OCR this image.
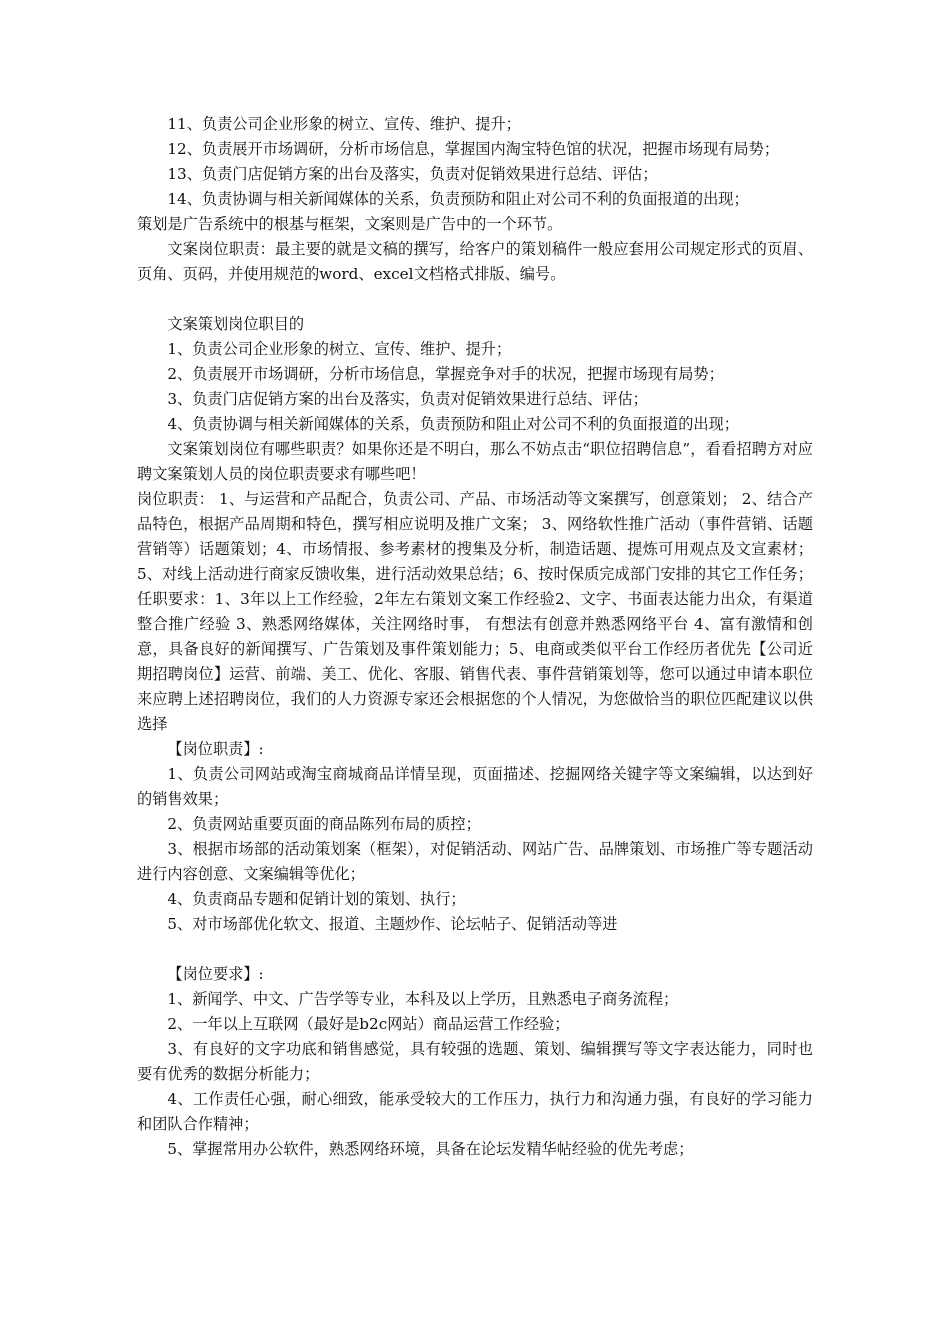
11、负责公司企业形象的树立、宣传、维护、提升；

12、负责展开市场调研，分析市场信息，掌握国内淘宝特色馆的状况，把握市场现有局势；

13、负责门店促销方案的出台及落实，负责对促销效果进行总结、评估；

14、负责协调与相关新闻媒体的关系，负责预防和阻止对公司不利的负面报道的出现；

策划是广告系统中的根基与框架，文案则是广告中的一个环节。

文案岗位职责：最主要的就是文稿的撰写，给客户的策划稿件一般应套用公司规定形式的页眉、页角、页码，并使用规范的word、excel文档格式排版、编号。

文案策划岗位职目的

1、负责公司企业形象的树立、宣传、维护、提升；

2、负责展开市场调研，分析市场信息，掌握竞争对手的状况，把握市场现有局势；

3、负责门店促销方案的出台及落实，负责对促销效果进行总结、评估；

4、负责协调与相关新闻媒体的关系，负责预防和阻止对公司不利的负面报道的出现；

文案策划岗位有哪些职责？如果你还是不明白，那么不妨点击“职位招聘信息”，看看招聘方对应聘文案策划人员的岗位职责要求有哪些吧！

岗位职责： 1、与运营和产品配合，负责公司、产品、市场活动等文案撰写，创意策划； 2、结合产品特色，根据产品周期和特色，撰写相应说明及推广文案； 3、网络软性推广活动（事件营销、话题营销等）话题策划；4、市场情报、参考素材的搜集及分析，制造话题、提炼可用观点及文宣素材；5、对线上活动进行商家反馈收集，进行活动效果总结；6、按时保质完成部门安排的其它工作任务；任职要求：1、3年以上工作经验，2年左右策划文案工作经验2、文字、书面表达能力出众，有渠道整合推广经验 3、熟悉网络媒体，关注网络时事， 有想法有创意并熟悉网络平台 4、富有激情和创意，具备良好的新闻撰写、广告策划及事件策划能力；5、电商或类似平台工作经历者优先【公司近期招聘岗位】运营、前端、美工、优化、客服、销售代表、事件营销策划等，您可以通过申请本职位来应聘上述招聘岗位，我们的人力资源专家还会根据您的个人情况，为您做恰当的职位匹配建议以供选择

【岗位职责】:

1、负责公司网站或淘宝商城商品详情呈现，页面描述、挖掘网络关键字等文案编辑，以达到好的销售效果；

2、负责网站重要页面的商品陈列布局的质控；

3、根据市场部的活动策划案（框架），对促销活动、网站广告、品牌策划、市场推广等专题活动进行内容创意、文案编辑等优化；

4、负责商品专题和促销计划的策划、执行；

5、对市场部优化软文、报道、主题炒作、论坛帖子、促销活动等进

【岗位要求】:

1、新闻学、中文、广告学等专业，本科及以上学历，且熟悉电子商务流程；

2、一年以上互联网（最好是b2c网站）商品运营工作经验；

3、有良好的文字功底和销售感觉，具有较强的选题、策划、编辑撰写等文字表达能力，同时也要有优秀的数据分析能力；

4、工作责任心强，耐心细致，能承受较大的工作压力，执行力和沟通力强，有良好的学习能力和团队合作精神；

5、掌握常用办公软件，熟悉网络环境，具备在论坛发精华帖经验的优先考虑；
